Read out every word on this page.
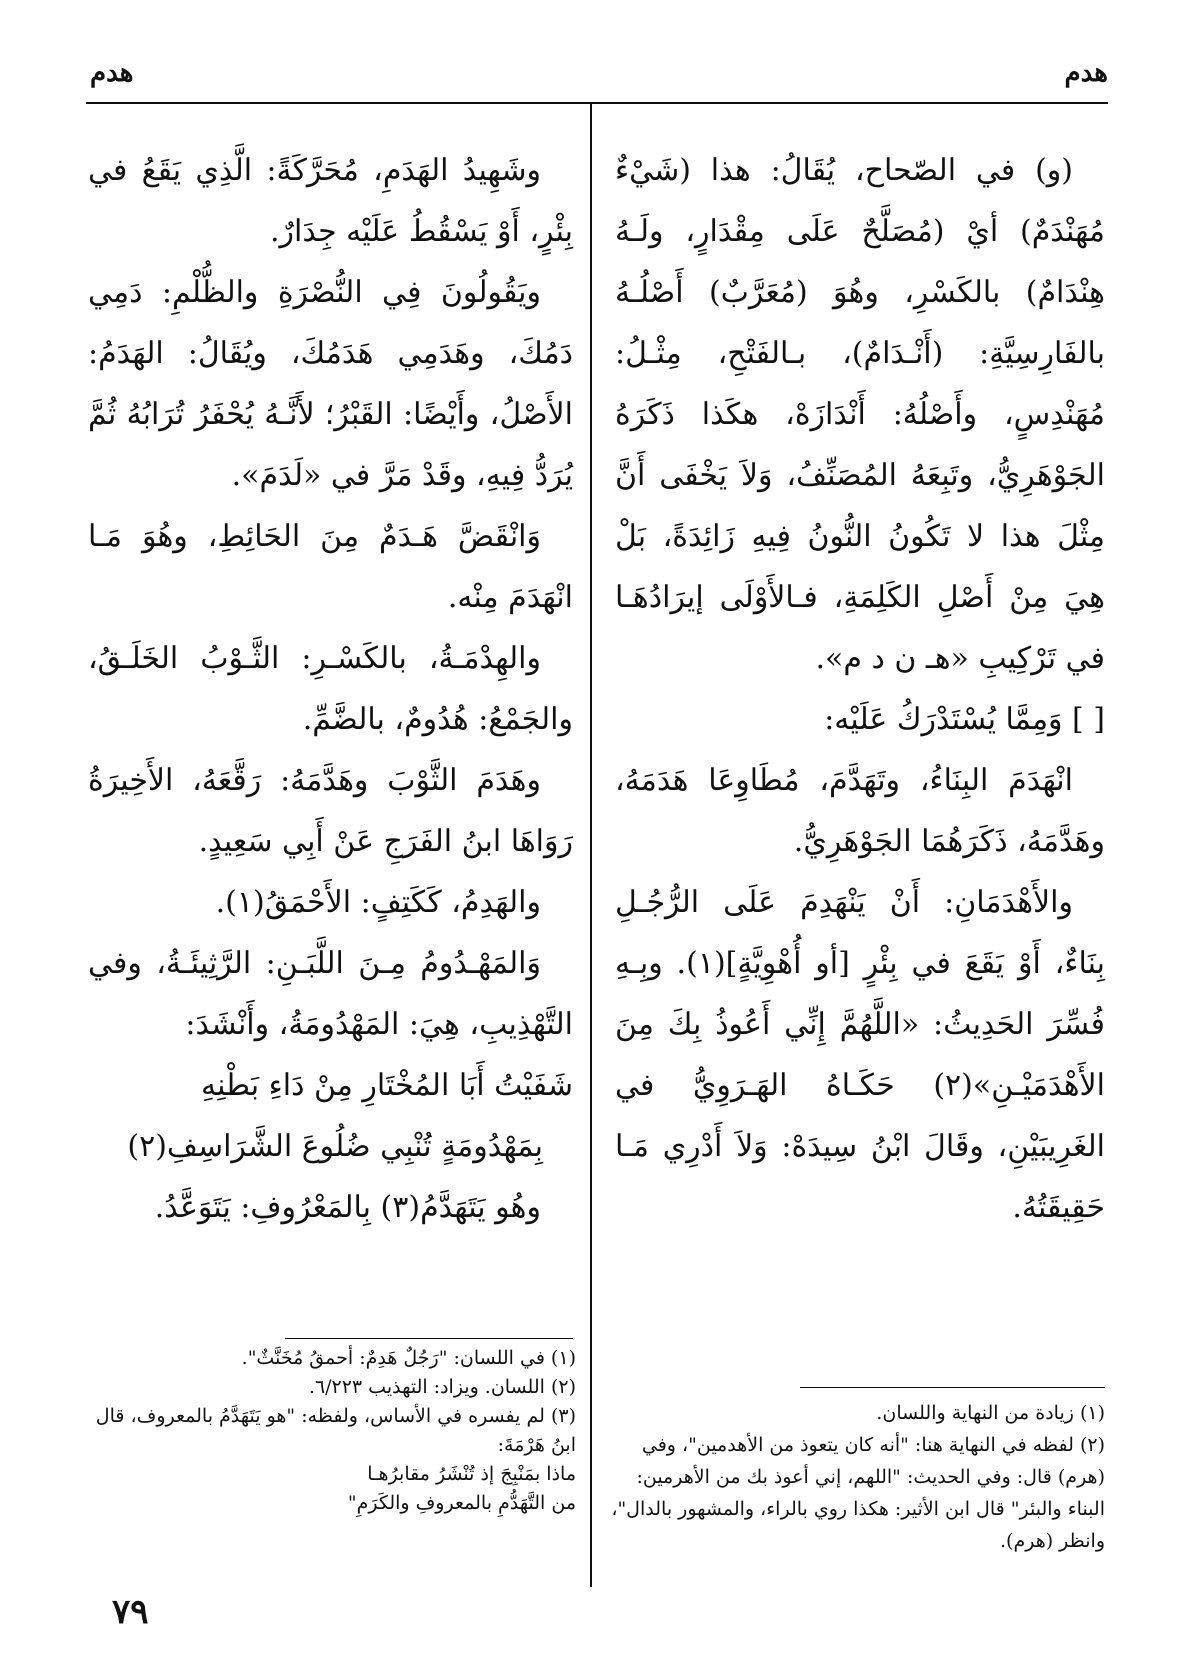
هدم
هدم

(و) في الصّحاح، يُقَالُ: هذا (شَيْءٌ مُهَنْدَمٌ) أيْ (مُصَلَّحٌ عَلَى مِقْدَارٍ، ولَـهُ هِنْدَامٌ) بالكَسْرِ، وهُوَ (مُعَرَّبٌ) أَصْلُـهُ بالفَارِسِيَّةِ: (أَنْـدَامٌ)، بـالفَتْحِ، مِثْـلُ: مُهَنْدِسٍ، وأَصْلُهُ: أَنْدَازَهْ، هكَذا ذَكَرَهُ الجَوْهَرِيُّ، وتَبِعَهُ المُصَنِّفُ، وَلاَ يَخْفَى أَنَّ مِثْلَ هذا لا تَكُونُ النُّونُ فِيهِ زَائِدَةً، بَلْ هِيَ مِنْ أَصْلِ الكَلِمَةِ، فـالأَوْلَى إيرَادُهَـا في تَرْكِيبِ «هـ ن د م».

[ ] وَمِمَّا يُسْتَدْرَكُ عَلَيْه:

انْهَدَمَ البِنَاءُ، وتَهَدَّمَ، مُطَاوِعَا هَدَمَهُ، وهَدَّمَهُ، ذَكَرَهُمَا الجَوْهَرِيُّ.

والأَهْدَمَانِ: أَنْ يَنْهَدِمَ عَلَى الرُّجُـلِ بِنَاءٌ، أَوْ يَقَعَ في بِئْرٍ [أو أُهْوِيَّةٍ](١). وبِـهِ فُسِّرَ الحَدِيثُ: «اللَّهُمَّ إِنِّي أَعُوذُ بِكَ مِنَ الأَهْدَمَيْـنِ»(٢) حَكَـاهُ الهَـرَوِيُّ في الغَرِيبَيْنِ، وقَالَ ابْنُ سِيدَهْ: وَلاَ أَدْرِي مَـا حَقِيقَتُهُ.

وشَهِيدُ الهَدَمِ، مُحَرَّكَةً: الَّذِي يَقَعُ في بِئْرٍ، أَوْ يَسْقُطُ عَلَيْه جِدَارٌ.

ويَقُولُونَ فِي النُّصْرَةِ والظُّلْمِ: دَمِي دَمُكَ، وهَدَمِي هَدَمُكَ، ويُقَالُ: الهَدَمُ: الأَصْلُ، وأَيْضًا: القَبْرُ؛ لأَنَّـهُ يُحْفَرُ تُرَابُهُ ثُمَّ يُرَدُّ فِيهِ، وقَدْ مَرَّ في «لَدَمَ».

وَانْقَضَّ هَـدَمٌ مِنَ الحَائِطِ، وهُوَ مَـا انْهَدَمَ مِنْه.

والهِدْمَـةُ، بالكَسْـرِ: الثَّـوْبُ الخَلَـقُ، والجَمْعُ: هُدُومٌ، بالضَّمِّ.

وهَدَمَ الثَّوْبَ وهَدَّمَهُ: رَقَّعَهُ، الأَخِيرَةُ رَوَاهَا ابنُ الفَرَجِ عَنْ أَبِي سَعِيدٍ.

والهَدِمُ، كَكَتِفٍ: الأَحْمَقُ(١).

وَالمَهْـدُومُ مِـنَ اللَّبَـنِ: الرَّثِيئَـةُ، وفي التَّهْذِيبِ، هِيَ: المَهْدُومَةُ، وأَنْشَدَ:

شَفَيْتُ أَبَا المُخْتَارِ مِنْ دَاءِ بَطْنِهِ

بِمَهْدُومَةٍ تُنْبِي ضُلُوعَ الشَّرَاسِفِ(٢)

وهُو يَتَهَدَّمُ(٣) بِالمَعْرُوفِ: يَتَوَعَّدُ.

(١) زيادة من النهاية واللسان.

(٢) لفظه في النهاية هنا: "أنه كان يتعوذ من الأهدمين"، وفي (هرم) قال: وفي الحديث: "اللهم، إني أعوذ بك من الأهرمين: البناء والبئر" قال ابن الأثير: هكذا روي بالراء، والمشهور بالدال"، وانظر (هرم).

(١) في اللسان: "رَجُلٌ هَدِمٌ: أحمقُ مُخَنَّثٌ".

(٢) اللسان. ويزاد: التهذيب ٦/٢٢٣.

(٣) لم يفسره في الأساس، ولفظه: "هو يَتَهَدَّمُ بالمعروف، قال ابنُ هَرْمَةَ:

ماذا بمَنْبِجَ إذ تُنْشَرُ مقابرُهـا

من التَّهَدُّمِ بالمعروفِ والكَرَمِ"

٧٩
